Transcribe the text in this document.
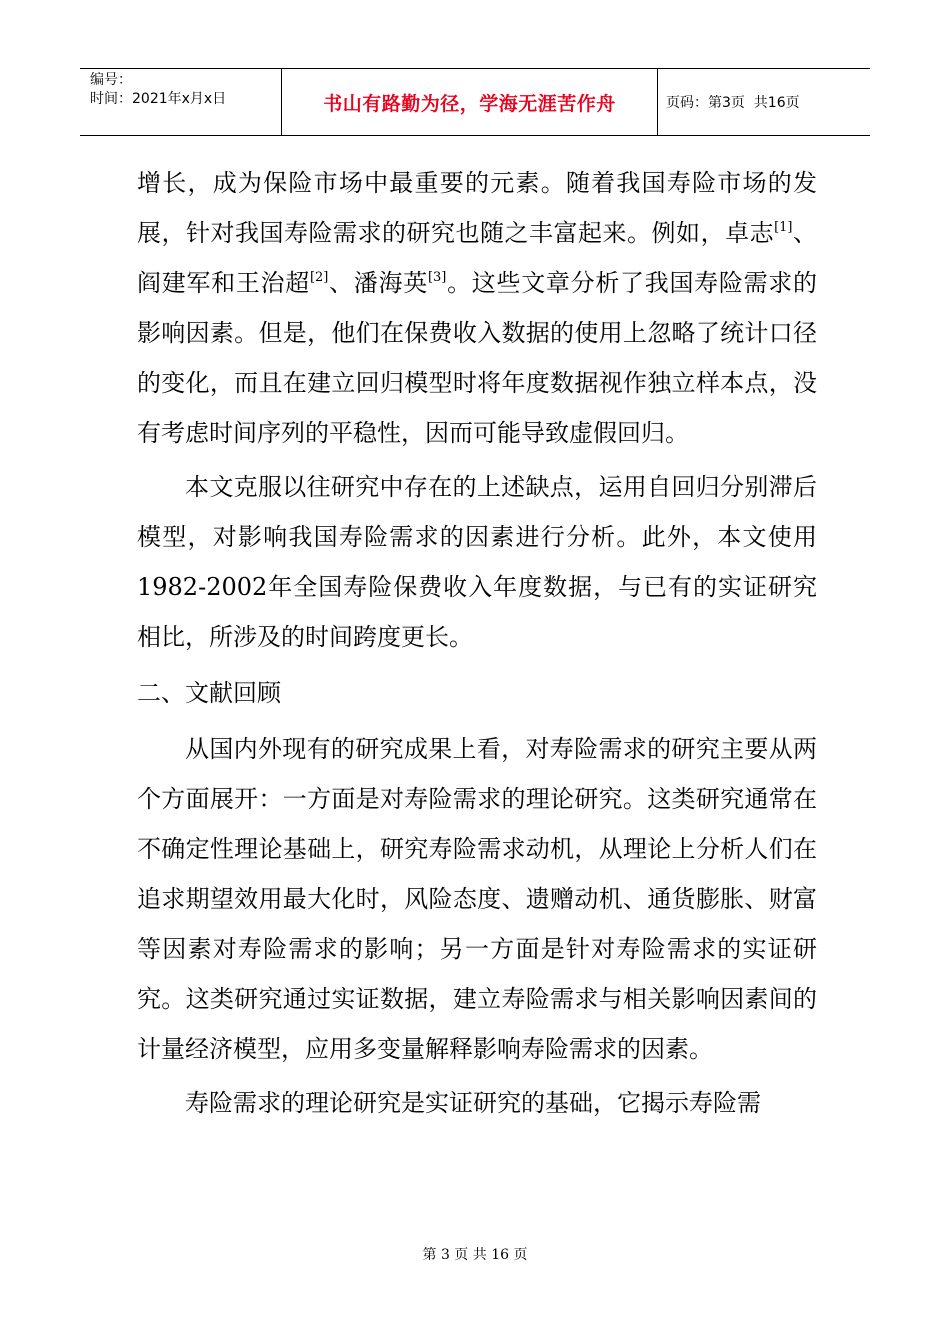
编号：
时间：2021年x月x日	书山有路勤为径，学海无涯苦作舟	页码：第3页  共16页

增长，成为保险市场中最重要的元素。随着我国寿险市场的发展，针对我国寿险需求的研究也随之丰富起来。例如，卓志[1]、阎建军和王治超[2]、潘海英[3]。这些文章分析了我国寿险需求的影响因素。但是，他们在保费收入数据的使用上忽略了统计口径的变化，而且在建立回归模型时将年度数据视作独立样本点，没有考虑时间序列的平稳性，因而可能导致虚假回归。

本文克服以往研究中存在的上述缺点，运用自回归分别滞后模型，对影响我国寿险需求的因素进行分析。此外，本文使用1982-2002年全国寿险保费收入年度数据，与已有的实证研究相比，所涉及的时间跨度更长。

二、文献回顾

从国内外现有的研究成果上看，对寿险需求的研究主要从两个方面展开：一方面是对寿险需求的理论研究。这类研究通常在不确定性理论基础上，研究寿险需求动机，从理论上分析人们在追求期望效用最大化时，风险态度、遗赠动机、通货膨胀、财富等因素对寿险需求的影响；另一方面是针对寿险需求的实证研究。这类研究通过实证数据，建立寿险需求与相关影响因素间的计量经济模型，应用多变量解释影响寿险需求的因素。

寿险需求的理论研究是实证研究的基础，它揭示寿险需

第 3 页 共 16 页
